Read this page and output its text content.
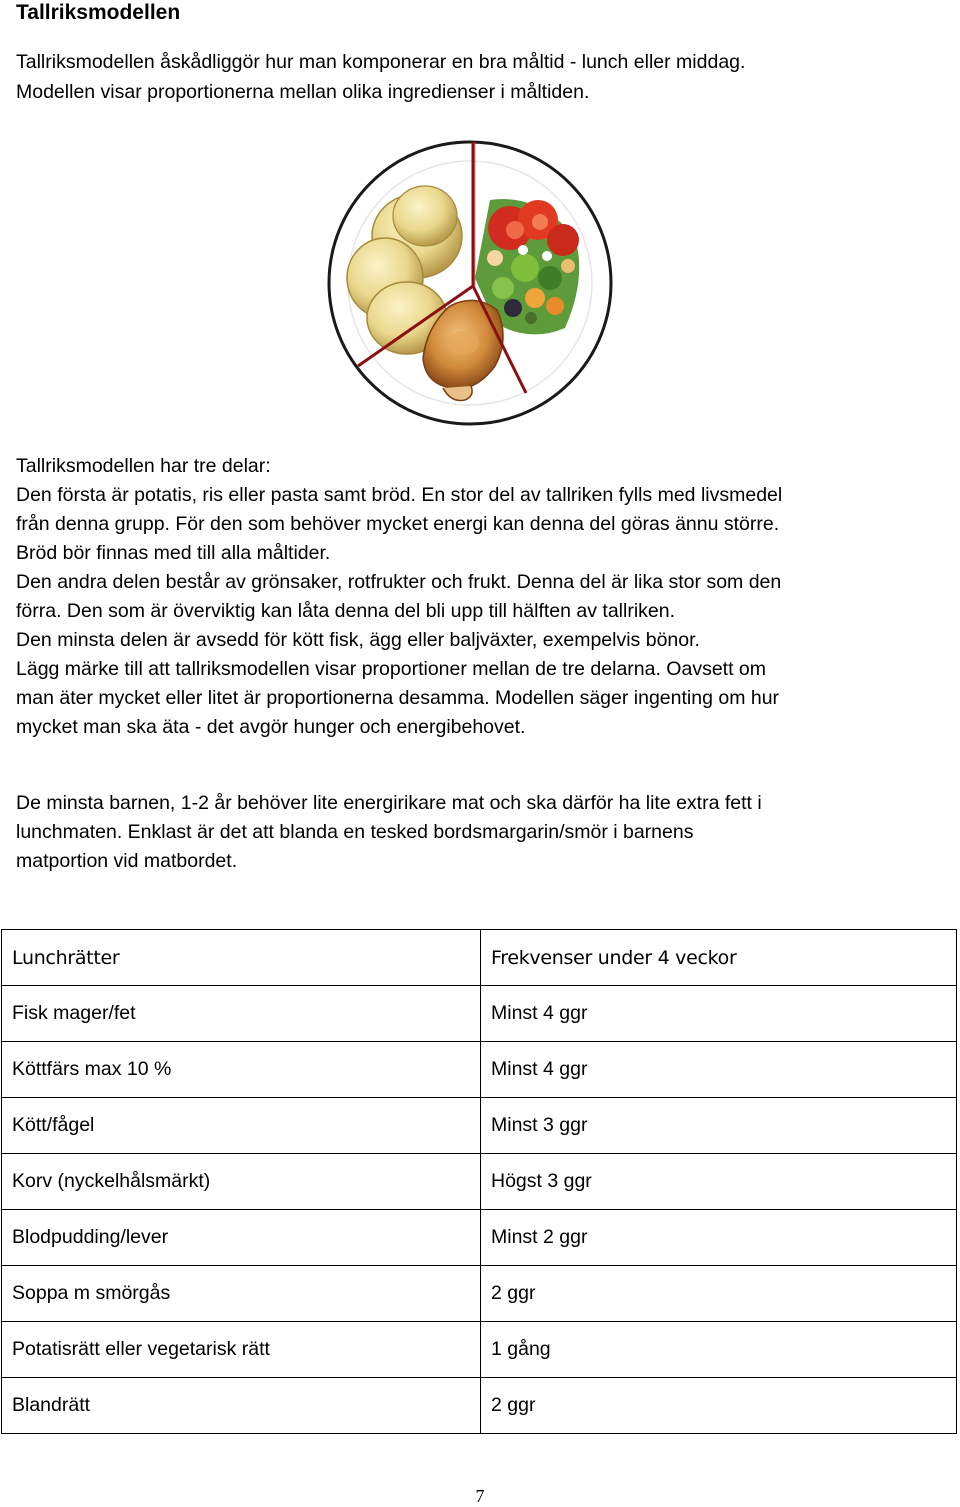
Tallriksmodellen

Tallriksmodellen åskådliggör hur man komponerar en bra måltid - lunch eller middag.
Modellen visar proportionerna mellan olika ingredienser i måltiden.

Tallriksmodellen har tre delar:
Den första är potatis, ris eller pasta samt bröd. En stor del av tallriken fylls med livsmedel
från denna grupp. För den som behöver mycket energi kan denna del göras ännu större.
Bröd bör finnas med till alla måltider.
Den andra delen består av grönsaker, rotfrukter och frukt. Denna del är lika stor som den
förra. Den som är överviktig kan låta denna del bli upp till hälften av tallriken.
Den minsta delen är avsedd för kött fisk, ägg eller baljväxter, exempelvis bönor.
Lägg märke till att tallriksmodellen visar proportioner mellan de tre delarna. Oavsett om
man äter mycket eller litet är proportionerna desamma. Modellen säger ingenting om hur
mycket man ska äta - det avgör hunger och energibehovet.

De minsta barnen, 1-2 år behöver lite energirikare mat och ska därför ha lite extra fett i
lunchmaten. Enklast är det att blanda en tesked bordsmargarin/smör i barnens
matportion vid matbordet.

Lunchrätter	Frekvenser under 4 veckor
Fisk mager/fet	Minst 4 ggr
Köttfärs max 10 %	Minst 4 ggr
Kött/fågel	Minst 3 ggr
Korv (nyckelhålsmärkt)	Högst 3 ggr
Blodpudding/lever	Minst 2 ggr
Soppa m smörgås	2 ggr
Potatisrätt eller vegetarisk rätt	1 gång
Blandrätt	2 ggr
7
